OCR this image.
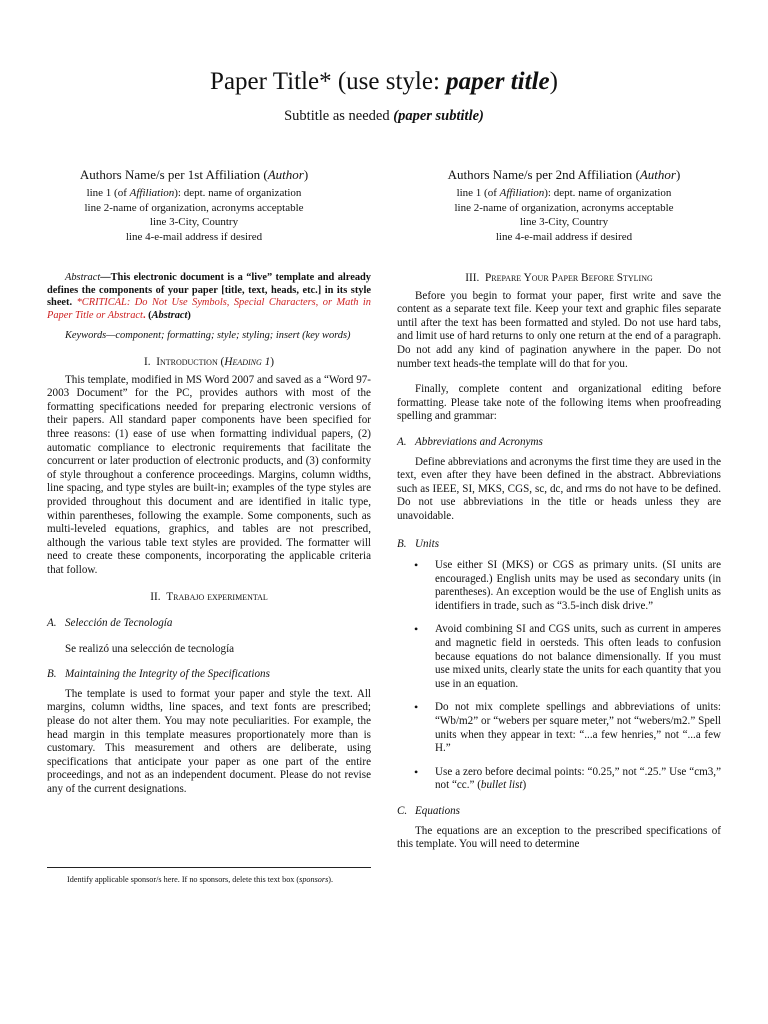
Paper Title* (use style: paper title)
Subtitle as needed (paper subtitle)
Authors Name/s per 1st Affiliation (Author)
line 1 (of Affiliation): dept. name of organization
line 2-name of organization, acronyms acceptable
line 3-City, Country
line 4-e-mail address if desired
Authors Name/s per 2nd Affiliation (Author)
line 1 (of Affiliation): dept. name of organization
line 2-name of organization, acronyms acceptable
line 3-City, Country
line 4-e-mail address if desired

Abstract—This electronic document is a “live” template and already defines the components of your paper [title, text, heads, etc.] in its style sheet. *CRITICAL: Do Not Use Symbols, Special Characters, or Math in Paper Title or Abstract. (Abstract)

Keywords—component; formatting; style; styling; insert (key words)

I. Introduction (Heading 1)

This template, modified in MS Word 2007 and saved as a “Word 97-2003 Document” for the PC, provides authors with most of the formatting specifications needed for preparing electronic versions of their papers. All standard paper components have been specified for three reasons: (1) ease of use when formatting individual papers, (2) automatic compliance to electronic requirements that facilitate the concurrent or later production of electronic products, and (3) conformity of style throughout a conference proceedings. Margins, column widths, line spacing, and type styles are built-in; examples of the type styles are provided throughout this document and are identified in italic type, within parentheses, following the example. Some components, such as multi-leveled equations, graphics, and tables are not prescribed, although the various table text styles are provided. The formatter will need to create these components, incorporating the applicable criteria that follow.

II. Trabajo experimental
A. Selección de Tecnología
Se realizó una selección de tecnología
B. Maintaining the Integrity of the Specifications

The template is used to format your paper and style the text. All margins, column widths, line spaces, and text fonts are prescribed; please do not alter them. You may note peculiarities. For example, the head margin in this template measures proportionately more than is customary. This measurement and others are deliberate, using specifications that anticipate your paper as one part of the entire proceedings, and not as an independent document. Please do not revise any of the current designations.

III. Prepare Your Paper Before Styling

Before you begin to format your paper, first write and save the content as a separate text file. Keep your text and graphic files separate until after the text has been formatted and styled. Do not use hard tabs, and limit use of hard returns to only one return at the end of a paragraph. Do not add any kind of pagination anywhere in the paper. Do not number text heads-the template will do that for you.

Finally, complete content and organizational editing before formatting. Please take note of the following items when proofreading spelling and grammar:

A. Abbreviations and Acronyms

Define abbreviations and acronyms the first time they are used in the text, even after they have been defined in the abstract. Abbreviations such as IEEE, SI, MKS, CGS, sc, dc, and rms do not have to be defined. Do not use abbreviations in the title or heads unless they are unavoidable.

B. Units
• Use either SI (MKS) or CGS as primary units. (SI units are encouraged.) English units may be used as secondary units (in parentheses). An exception would be the use of English units as identifiers in trade, such as “3.5-inch disk drive.”
• Avoid combining SI and CGS units, such as current in amperes and magnetic field in oersteds. This often leads to confusion because equations do not balance dimensionally. If you must use mixed units, clearly state the units for each quantity that you use in an equation.
• Do not mix complete spellings and abbreviations of units: “Wb/m2” or “webers per square meter,” not “webers/m2.” Spell units when they appear in text: “...a few henries,” not “...a few H.”
• Use a zero before decimal points: “0.25,” not “.25.” Use “cm3,” not “cc.” (bullet list)
C. Equations

The equations are an exception to the prescribed specifications of this template. You will need to determine

Identify applicable sponsor/s here. If no sponsors, delete this text box (sponsors).
